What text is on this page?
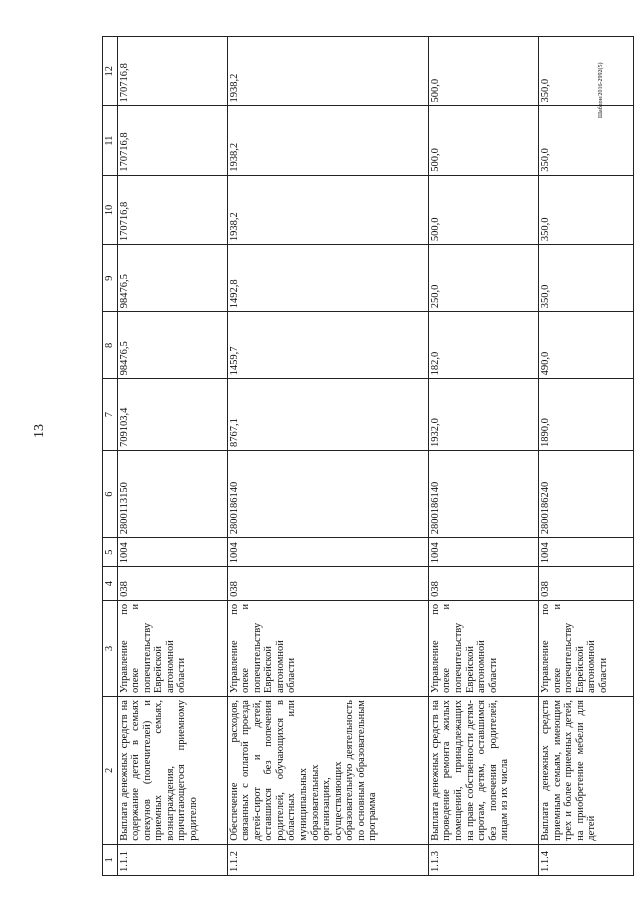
13
Шаблон/2016-2992(5)
1	2	3	4	5	6	7	8	9	10	11	12
1.1.1	Выплата денежных средств на содержание детей в семьях опекунов (попечителей) и приемных семьях, вознаграждения, причитающегося приемному родителю	Управление по опеке и попечительству Еврейской автономной области	038	1004	2800113150	709103,4	98476,5	98476,5	170716,8	170716,8	170716,8
1.1.2	Обеспечение расходов, связанных с оплатой проезда детей-сирот и детей, оставшихся без попечения родителей, обучающихся в областных или муниципальных образовательных организациях, осуществляющих образовательную деятельность по основным образовательным программа	Управление по опеке и попечительству Еврейской автономной области	038	1004	2800186140	8767,1	1459,7	1492,8	1938,2	1938,2	1938,2
1.1.3	Выплата денежных средств на проведение ремонта жилых помещений, принадлежащих на праве собственности детям-сиротам, детям, оставшимся без попечения родителей, лицам из их числа	Управление по опеке и попечительству Еврейской автономной области	038	1004	2800186140	1932,0	182,0	250,0	500,0	500,0	500,0
1.1.4	Выплата денежных средств приемным семьям, имеющим трех и более приемных детей, на приобретение мебели для детей	Управление по опеке и попечительству Еврейской автономной области	038	1004	2800186240	1890,0	490,0	350,0	350,0	350,0	350,0
